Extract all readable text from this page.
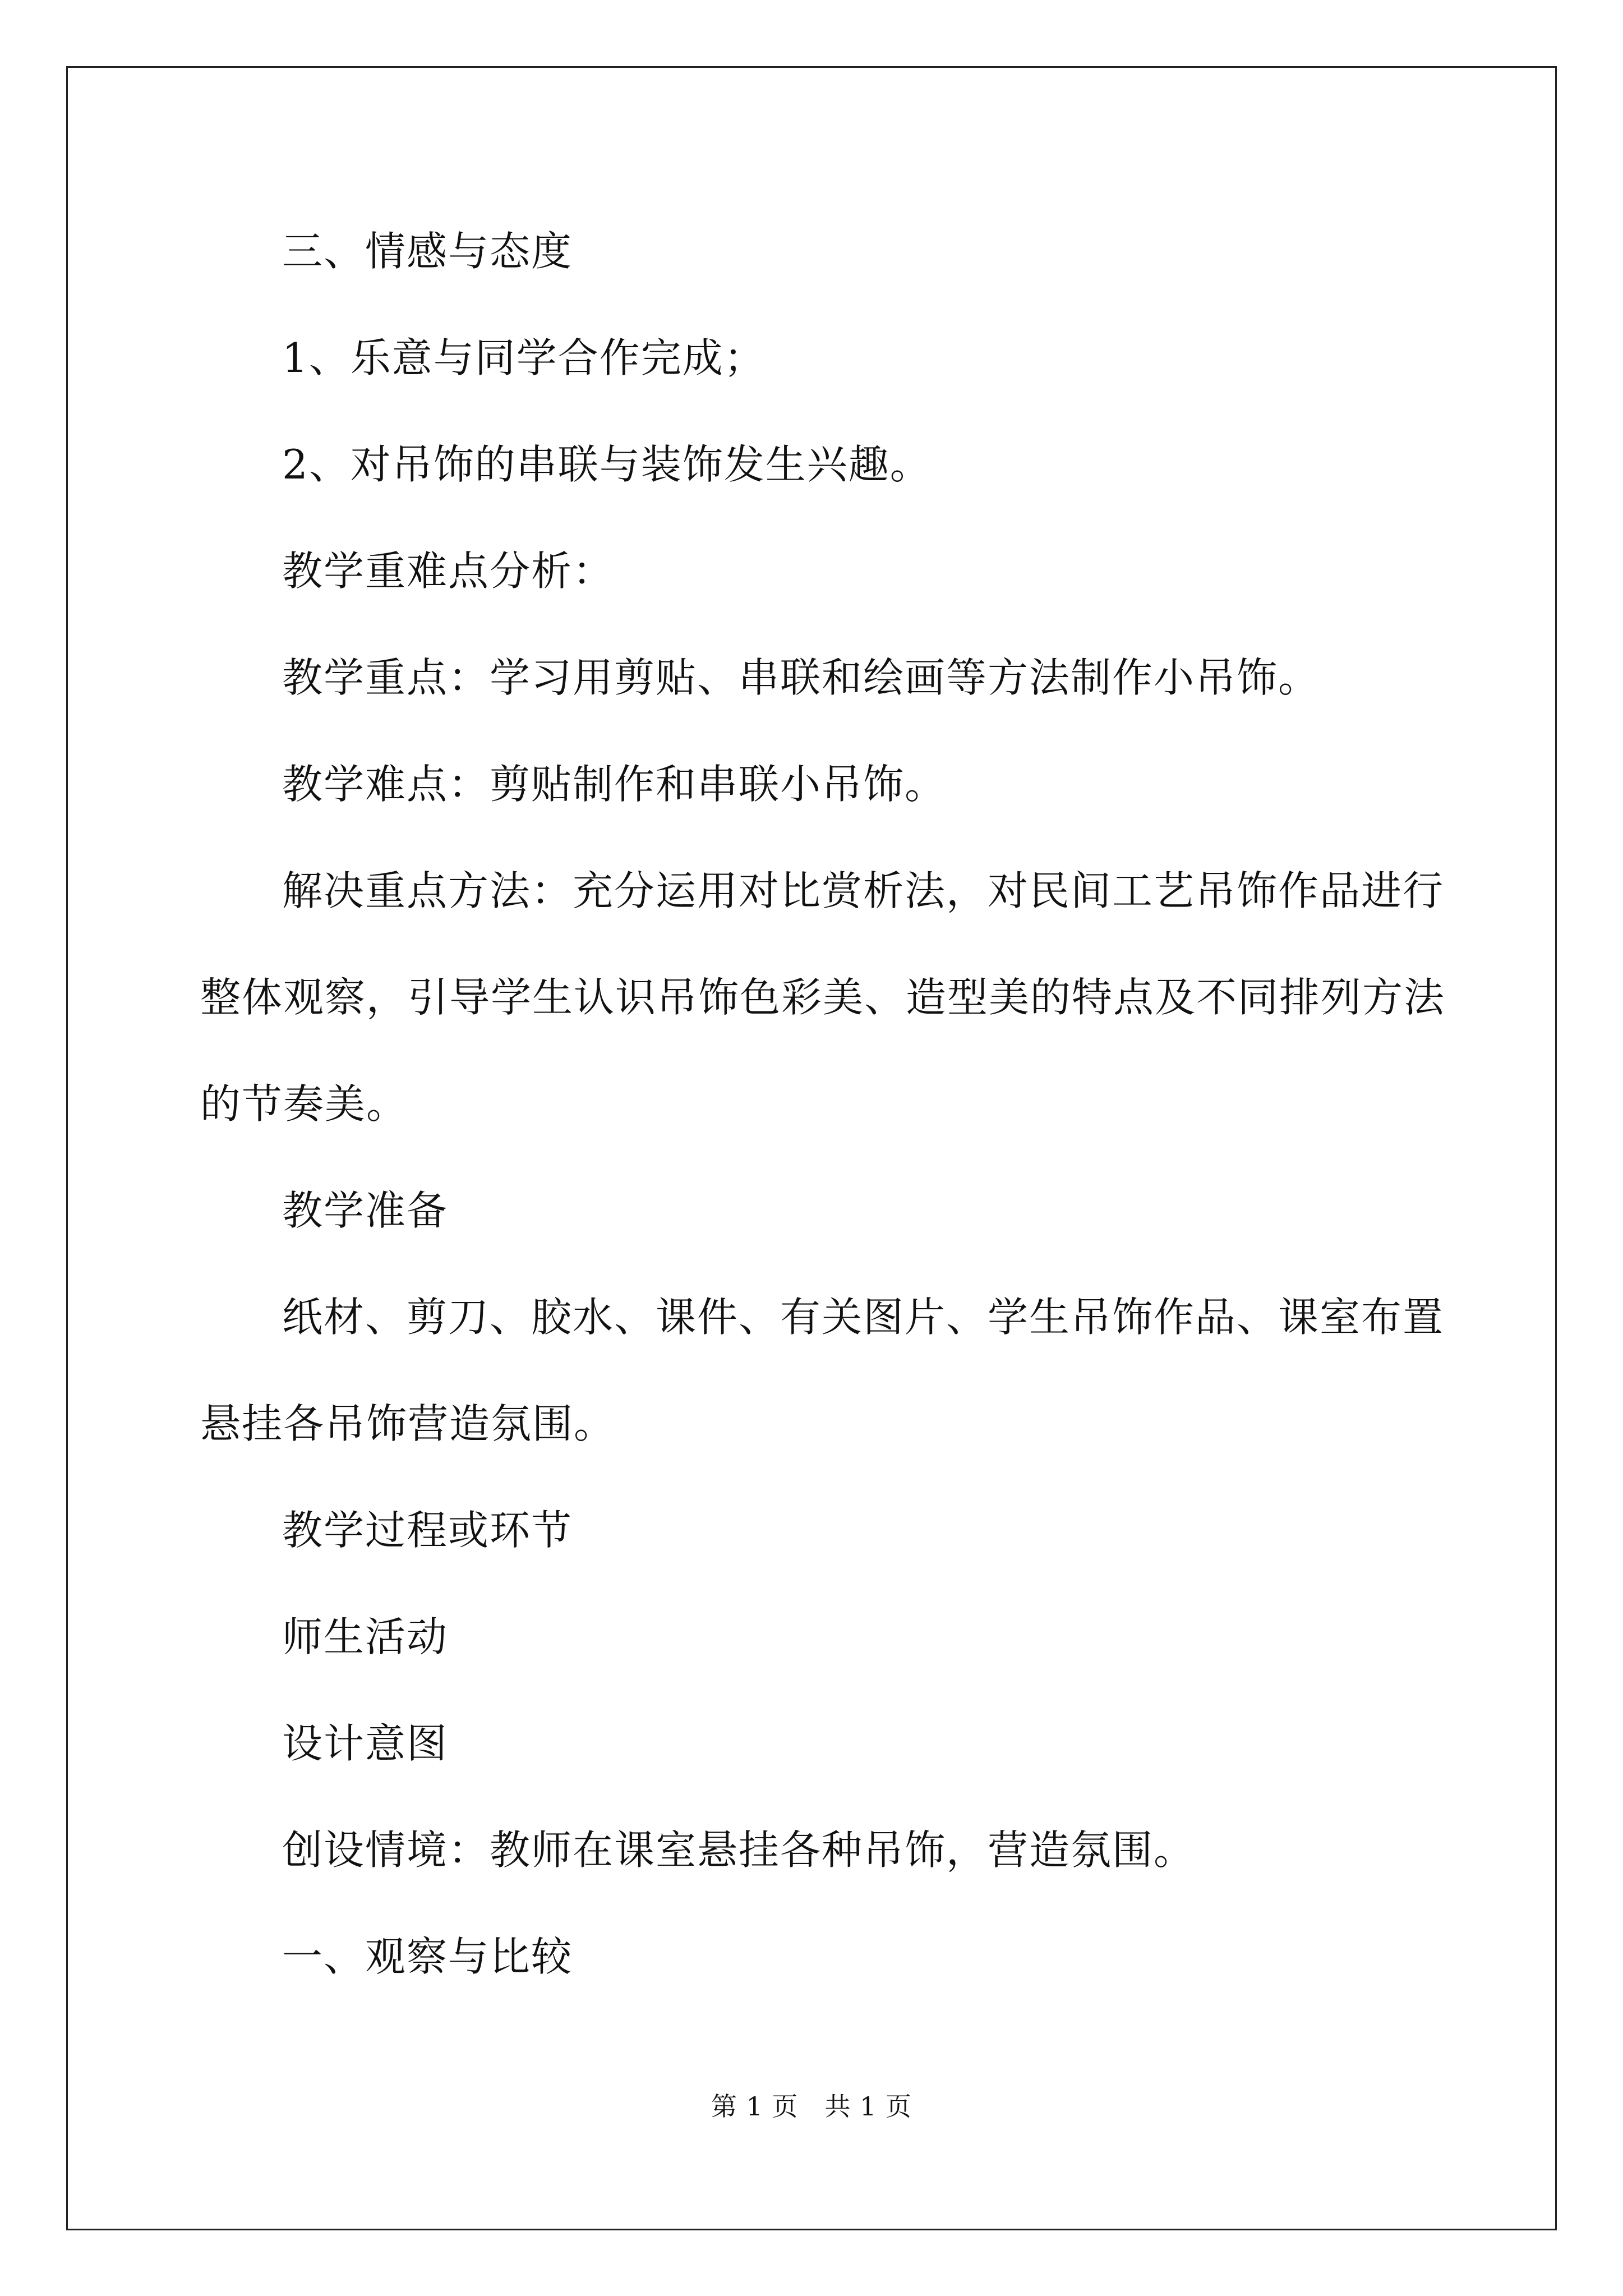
三、情感与态度
1、乐意与同学合作完成；
2、对吊饰的串联与装饰发生兴趣。
教学重难点分析：
教学重点：学习用剪贴、串联和绘画等方法制作小吊饰。
教学难点：剪贴制作和串联小吊饰。
解决重点方法：充分运用对比赏析法，对民间工艺吊饰作品进行
整体观察，引导学生认识吊饰色彩美、造型美的特点及不同排列方法
的节奏美。
教学准备
纸材、剪刀、胶水、课件、有关图片、学生吊饰作品、课室布置
悬挂各吊饰营造氛围。
教学过程或环节
师生活动
设计意图
创设情境：教师在课室悬挂各种吊饰，营造氛围。
一、观察与比较
第 1 页　共 1 页
